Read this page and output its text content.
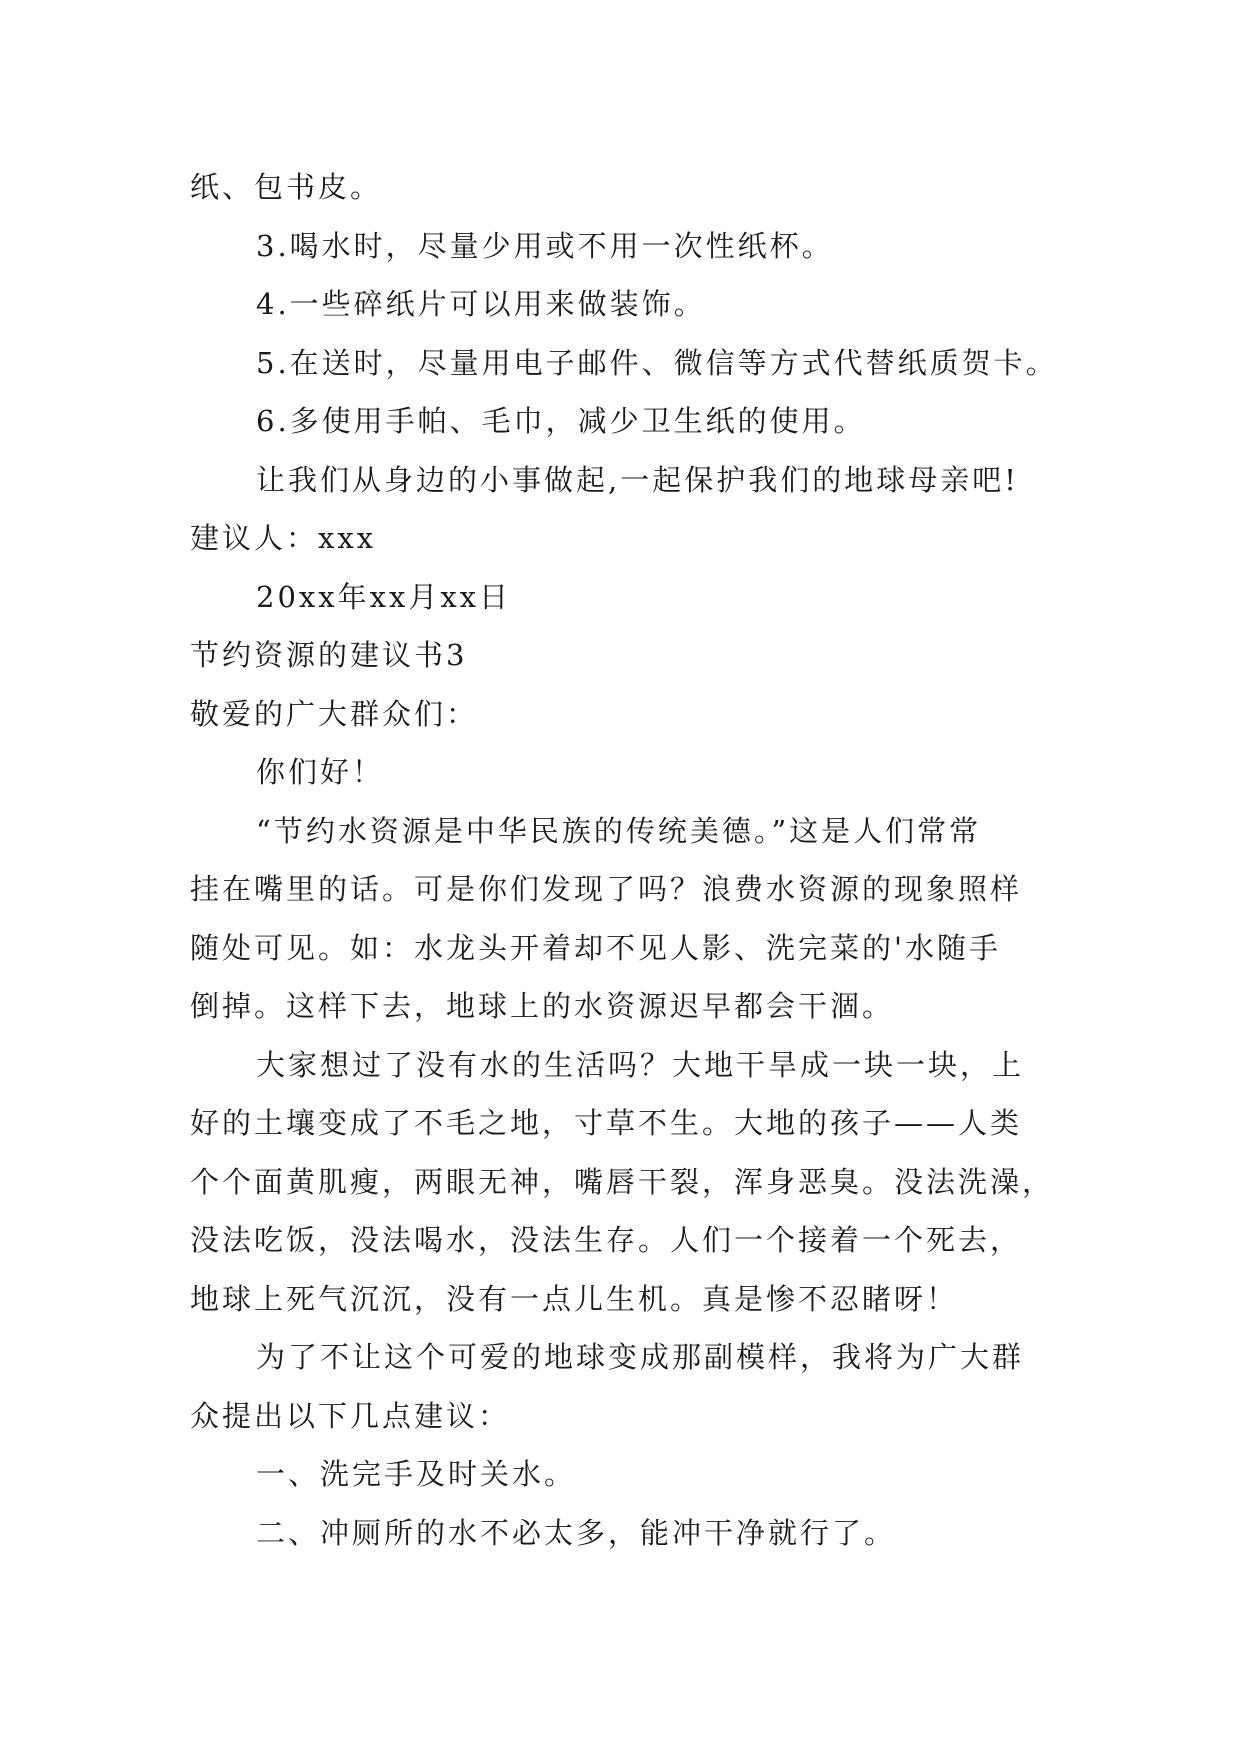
纸、包书皮。
3.喝水时，尽量少用或不用一次性纸杯。
4.一些碎纸片可以用来做装饰。
5.在送时，尽量用电子邮件、微信等方式代替纸质贺卡。
6.多使用手帕、毛巾，减少卫生纸的使用。
让我们从身边的小事做起,一起保护我们的地球母亲吧!
建议人：xxx
20xx年xx月xx日
节约资源的建议书3
敬爱的广大群众们：
你们好！
“节约水资源是中华民族的传统美德。”这是人们常常
挂在嘴里的话。可是你们发现了吗？浪费水资源的现象照样
随处可见。如：水龙头开着却不见人影、洗完菜的'水随手
倒掉。这样下去，地球上的水资源迟早都会干涸。
大家想过了没有水的生活吗？大地干旱成一块一块，上
好的土壤变成了不毛之地，寸草不生。大地的孩子——人类
个个面黄肌瘦，两眼无神，嘴唇干裂，浑身恶臭。没法洗澡，
没法吃饭，没法喝水，没法生存。人们一个接着一个死去，
地球上死气沉沉，没有一点儿生机。真是惨不忍睹呀！
为了不让这个可爱的地球变成那副模样，我将为广大群
众提出以下几点建议：
一、洗完手及时关水。
二、冲厕所的水不必太多，能冲干净就行了。
